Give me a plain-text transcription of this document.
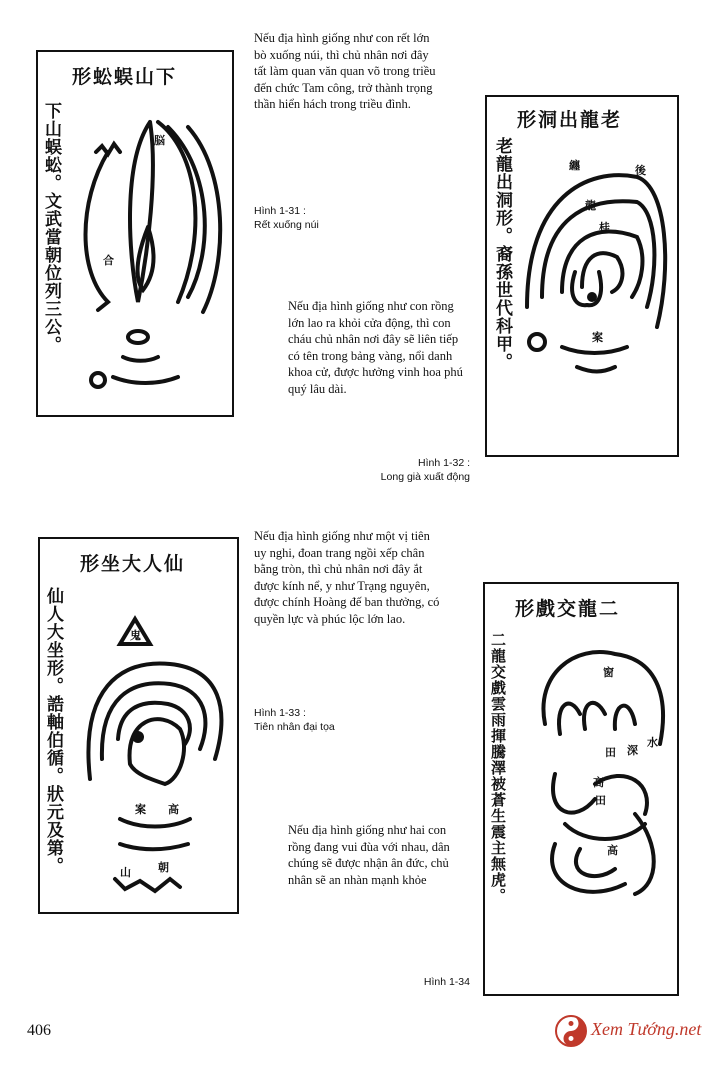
形蚣蜈山下
下山蜈蚣。文武當朝位列三公。	脳
合
形洞出龍老
老龍出洞形。裔孫世代科甲。	後
纏
龍
桂
案
形坐大人仙
仙人大坐形。誥軸伯循。狀元及第。	鬼
案 高
山 朝
形戲交龍二
二龍交戲雲雨揮騰澤被蒼生震主無虎。	窗
田 深
水
高
田
高

Nếu địa hình giống như con rết lớn bò xuống núi, thì chủ nhân nơi đây tất làm quan văn quan võ trong triều đến chức Tam công, trở thành trọng thần hiển hách trong triều đình.

Hình 1-31 :
Rết xuống núi

Nếu địa hình giống như con rồng lớn lao ra khỏi cửa động, thì con cháu chủ nhân nơi đây sẽ liên tiếp có tên trong bảng vàng, nổi danh khoa cử, được hưởng vinh hoa phú quý lâu dài.

Hình 1-32 :
Long già xuất động

Nếu địa hình giống như một vị tiên uy nghi, đoan trang ngồi xếp chân bằng tròn, thì chủ nhân nơi đây ắt được kính nể, y như Trạng nguyên, được chính Hoàng đế ban thưởng, có quyền lực và phúc lộc lớn lao.

Hình 1-33 :
Tiên nhân đại tọa

Nếu địa hình giống như hai con rồng đang vui đùa với nhau, dân chúng sẽ được nhận ân đức, chủ nhân sẽ an nhàn mạnh khỏe

Hình 1-34
406	Xem Tướng.net
